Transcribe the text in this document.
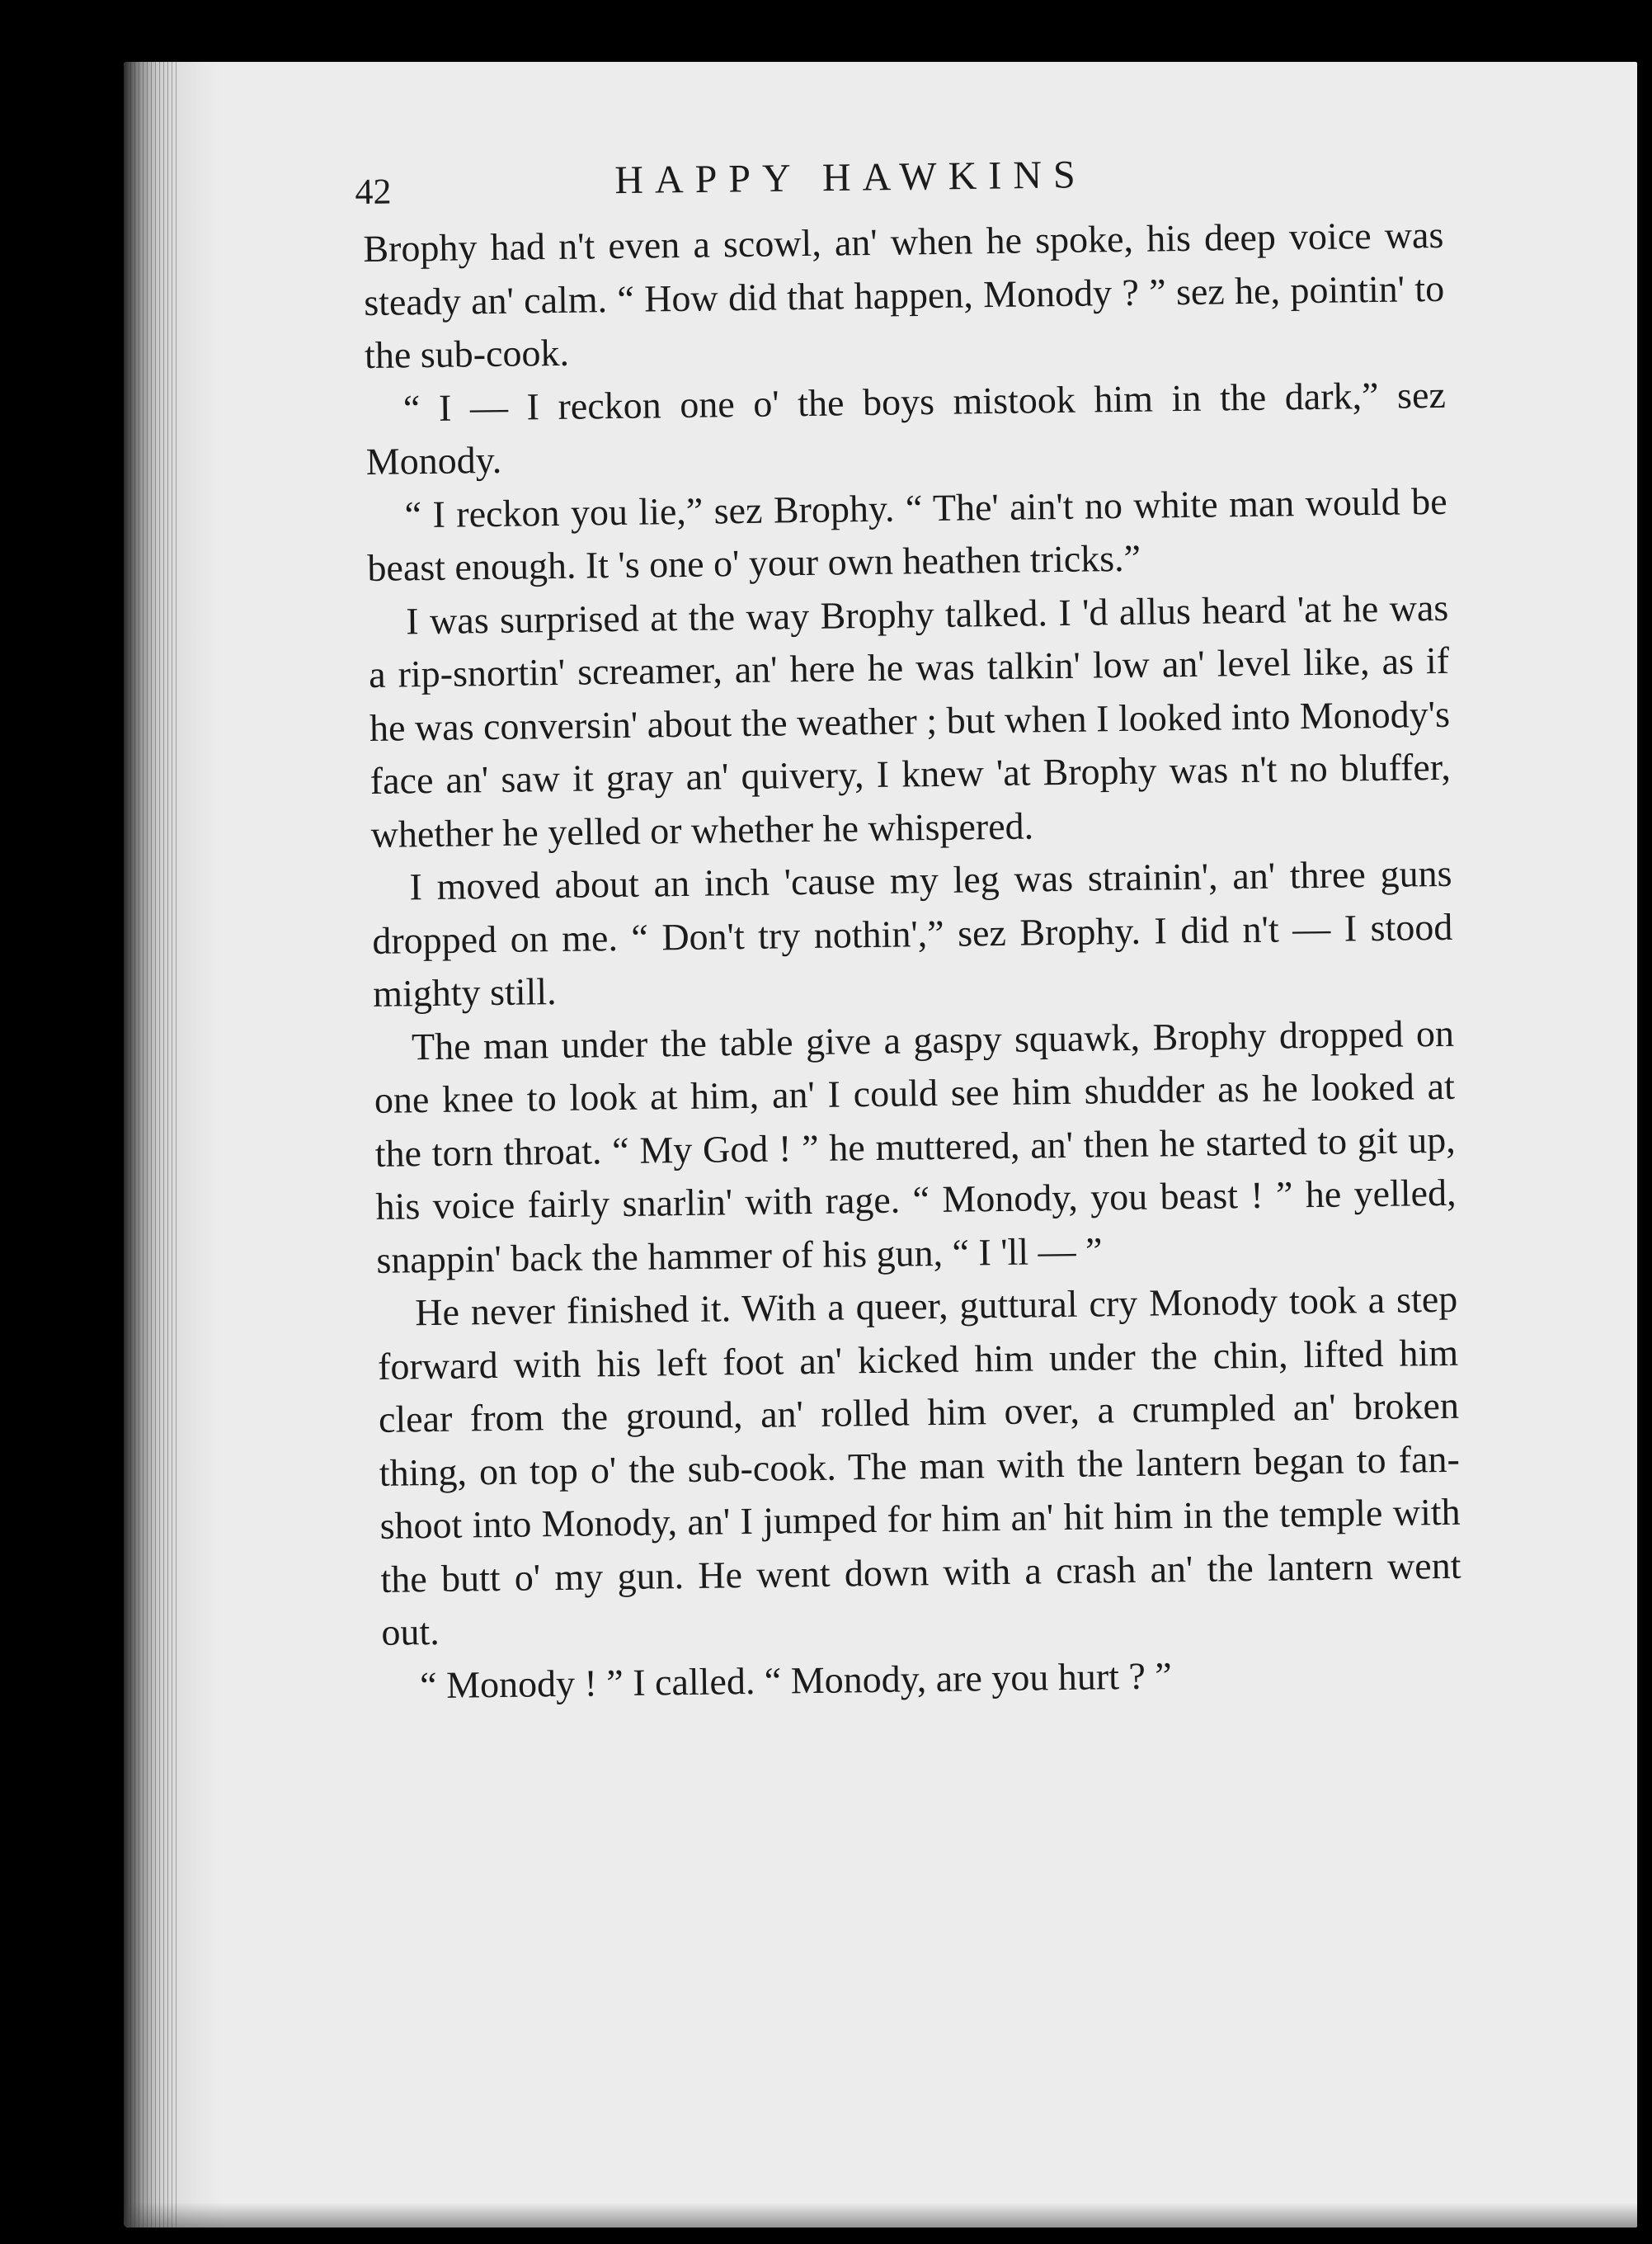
42	HAPPY HAWKINS

Brophy had n't even a scowl, an' when he spoke, his deep voice was steady an' calm. “ How did that happen, Monody ? ” sez he, pointin' to the sub-cook.

“ I — I reckon one o' the boys mistook him in the dark,” sez Monody.

“ I reckon you lie,” sez Brophy. “ The' ain't no white man would be beast enough. It 's one o' your own heathen tricks.”

I was surprised at the way Brophy talked. I 'd allus heard 'at he was a rip-snortin' screamer, an' here he was talkin' low an' level like, as if he was conversin' about the weather ; but when I looked into Monody's face an' saw it gray an' quivery, I knew 'at Brophy was n't no bluffer, whether he yelled or whether he whispered.

I moved about an inch 'cause my leg was strainin', an' three guns dropped on me. “ Don't try nothin',” sez Brophy. I did n't — I stood mighty still.

The man under the table give a gaspy squawk, Brophy dropped on one knee to look at him, an' I could see him shudder as he looked at the torn throat. “ My God ! ” he muttered, an' then he started to git up, his voice fairly snarlin' with rage. “ Monody, you beast ! ” he yelled, snappin' back the hammer of his gun, “ I 'll — ”

He never finished it. With a queer, guttural cry Monody took a step forward with his left foot an' kicked him under the chin, lifted him clear from the ground, an' rolled him over, a crumpled an' broken thing, on top o' the sub-cook. The man with the lantern began to fan-shoot into Monody, an' I jumped for him an' hit him in the temple with the butt o' my gun. He went down with a crash an' the lantern went out.

“ Monody ! ” I called. “ Monody, are you hurt ? ”
